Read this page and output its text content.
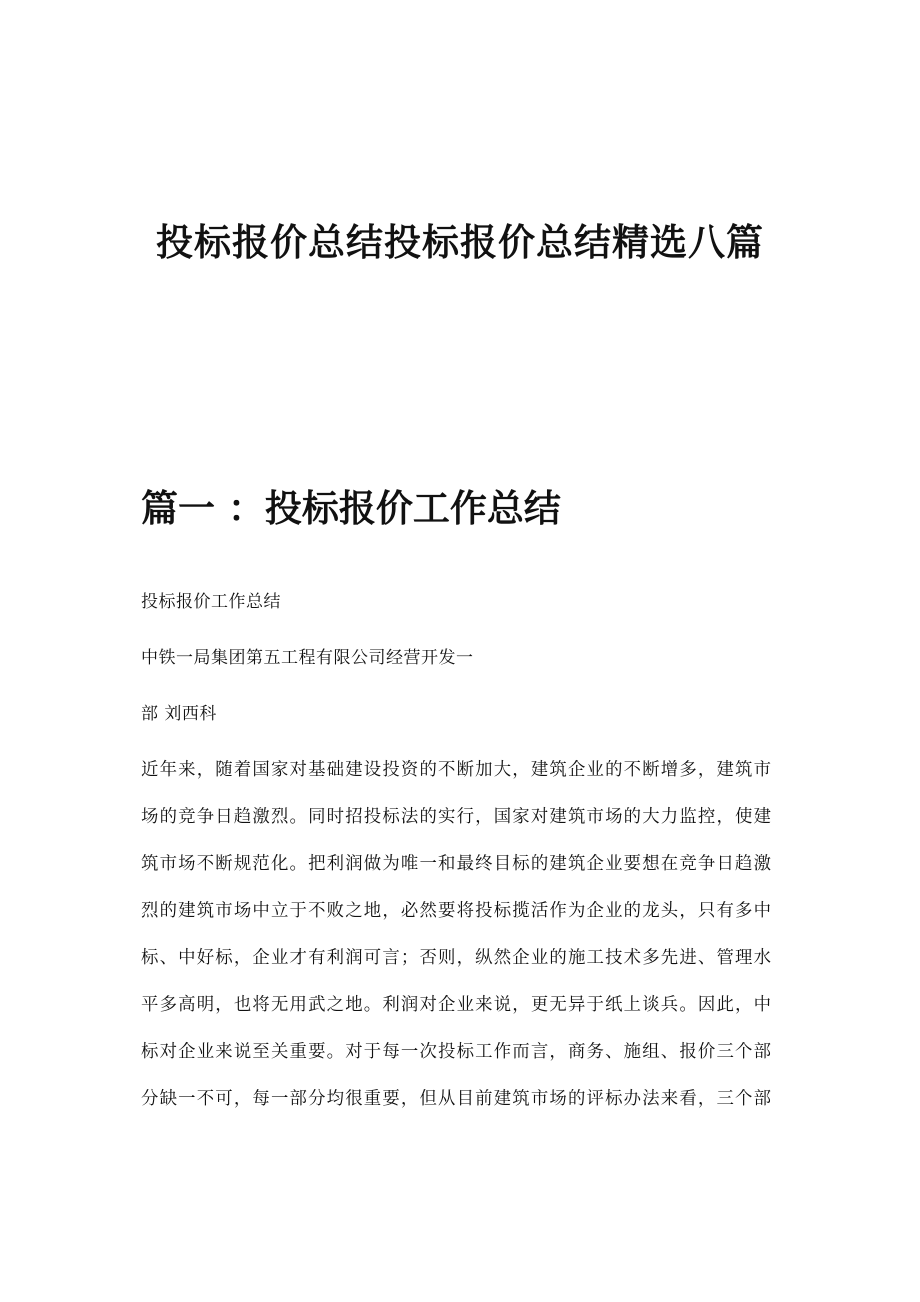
投标报价总结投标报价总结精选八篇
篇一 ：投标报价工作总结

投标报价工作总结

中铁一局集团第五工程有限公司经营开发一

部 刘西科

近年来，随着国家对基础建设投资的不断加大，建筑企业的不断增多，建筑市
场的竞争日趋激烈。同时招投标法的实行，国家对建筑市场的大力监控，使建
筑市场不断规范化。把利润做为唯一和最终目标的建筑企业要想在竞争日趋激
烈的建筑市场中立于不败之地，必然要将投标揽活作为企业的龙头，只有多中
标、中好标，企业才有利润可言；否则，纵然企业的施工技术多先进、管理水
平多高明，也将无用武之地。利润对企业来说，更无异于纸上谈兵。因此，中
标对企业来说至关重要。对于每一次投标工作而言，商务、施组、报价三个部
分缺一不可，每一部分均很重要，但从目前建筑市场的评标办法来看，三个部
